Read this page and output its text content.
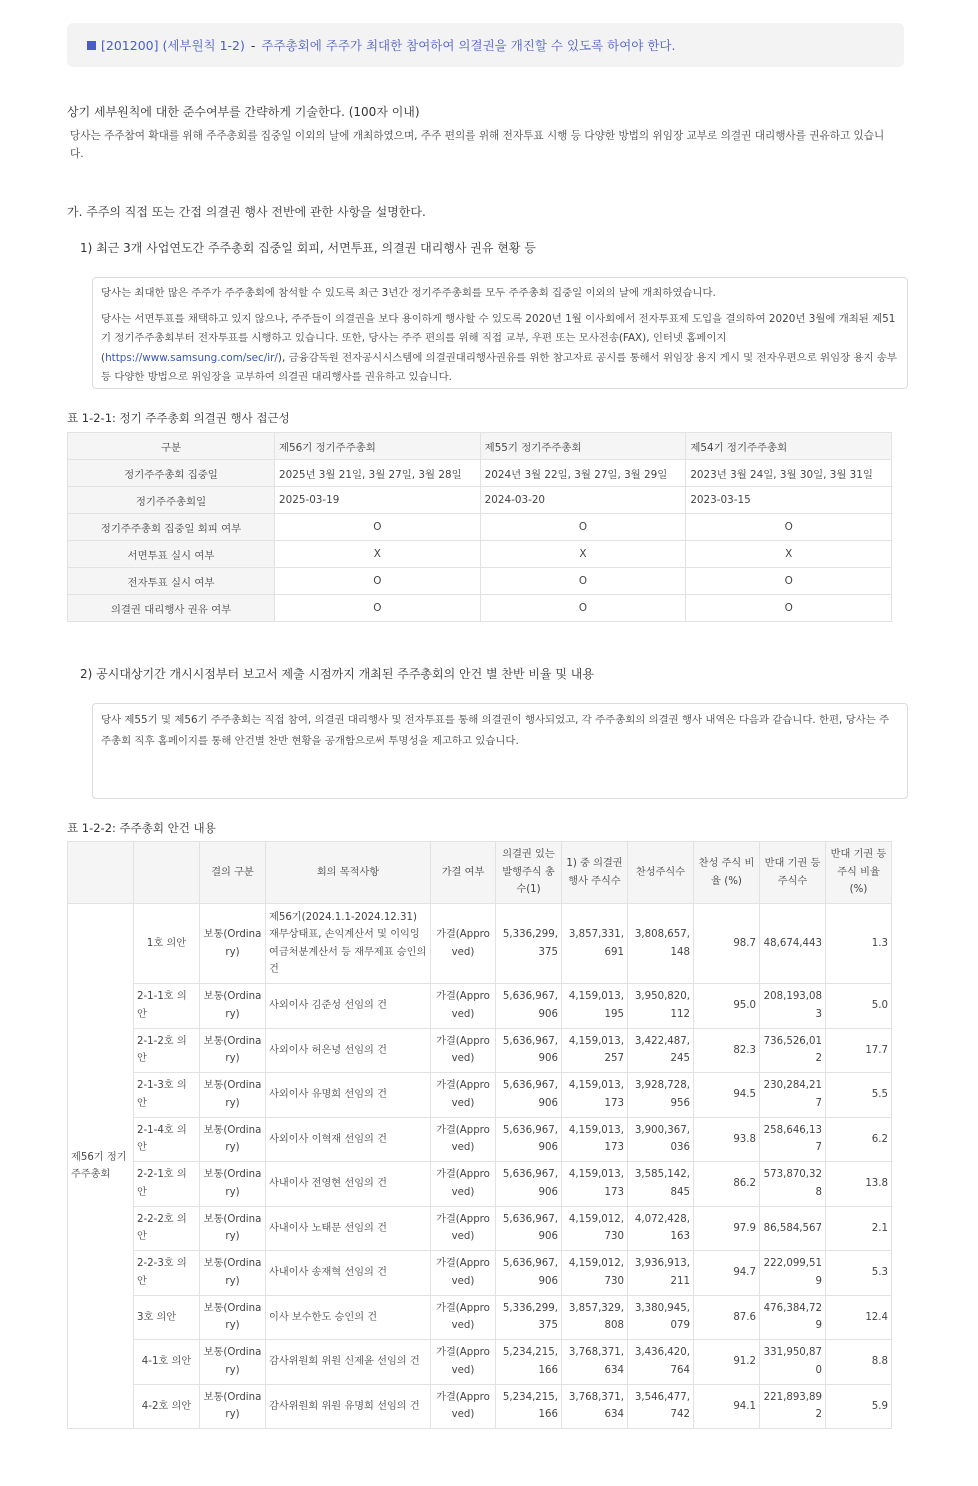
[201200] (세부원칙 1-2) - 주주총회에 주주가 최대한 참여하여 의결권을 개진할 수 있도록 하여야 한다.
상기 세부원칙에 대한 준수여부를 간략하게 기술한다. (100자 이내)
당사는 주주참여 확대를 위해 주주총회를 집중일 이외의 날에 개최하였으며, 주주 편의를 위해 전자투표 시행 등 다양한 방법의 위임장 교부로 의결권 대리행사를 권유하고 있습니다.
가. 주주의 직접 또는 간접 의결권 행사 전반에 관한 사항을 설명한다.
1) 최근 3개 사업연도간 주주총회 집중일 회피, 서면투표, 의결권 대리행사 권유 현황 등

당사는 최대한 많은 주주가 주주총회에 참석할 수 있도록 최근 3년간 정기주주총회를 모두 주주총회 집중일 이외의 날에 개최하였습니다.

당사는 서면투표를 채택하고 있지 않으나, 주주들이 의결권을 보다 용이하게 행사할 수 있도록 2020년 1월 이사회에서 전자투표제 도입을 결의하여 2020년 3월에 개최된 제51기 정기주주총회부터 전자투표를 시행하고 있습니다. 또한, 당사는 주주 편의를 위해 직접 교부, 우편 또는 모사전송(FAX), 인터넷 홈페이지(https://www.samsung.com/sec/ir/), 금융감독원 전자공시시스템에 의결권대리행사권유를 위한 참고자료 공시를 통해서 위임장 용지 게시 및 전자우편으로 위임장 용지 송부 등 다양한 방법으로 위임장을 교부하여 의결권 대리행사를 권유하고 있습니다.

표 1-2-1: 정기 주주총회 의결권 행사 접근성
구분	제56기 정기주주총회	제55기 정기주주총회	제54기 정기주주총회
정기주주총회 집중일	2025년 3월 21일, 3월 27일, 3월 28일	2024년 3월 22일, 3월 27일, 3월 29일	2023년 3월 24일, 3월 30일, 3월 31일
정기주주총회일	2025-03-19	2024-03-20	2023-03-15
정기주주총회 집중일 회피 여부	O	O	O
서면투표 실시 여부	X	X	X
전자투표 실시 여부	O	O	O
의결권 대리행사 권유 여부	O	O	O
2) 공시대상기간 개시시점부터 보고서 제출 시점까지 개최된 주주총회의 안건 별 찬반 비율 및 내용

당사 제55기 및 제56기 주주총회는 직접 참여, 의결권 대리행사 및 전자투표를 통해 의결권이 행사되었고, 각 주주총회의 의결권 행사 내역은 다음과 같습니다. 한편, 당사는 주주총회 직후 홈페이지를 통해 안건별 찬반 현황을 공개함으로써 투명성을 제고하고 있습니다.

표 1-2-2: 주주총회 안건 내용
		결의 구분	회의 목적사항	가결 여부	의결권 있는 발행주식 총수(1)	1) 중 의결권 행사 주식수	찬성주식수	찬성 주식 비율 (%)	반대 기권 등 주식수	반대 기권 등 주식 비율(%)
제56기 정기주주총회	1호 의안	보통(Ordinary)	제56기(2024.1.1-2024.12.31) 재무상태표, 손익계산서 및 이익잉여금처분계산서 등 재무제표 승인의 건	가결(Approved)	5,336,299,375	3,857,331,691	3,808,657,148	98.7	48,674,443	1.3
	2-1-1호 의안	보통(Ordinary)	사외이사 김준성 선임의 건	가결(Approved)	5,636,967,906	4,159,013,195	3,950,820,112	95.0	208,193,083	5.0
	2-1-2호 의안	보통(Ordinary)	사외이사 허은녕 선임의 건	가결(Approved)	5,636,967,906	4,159,013,257	3,422,487,245	82.3	736,526,012	17.7
	2-1-3호 의안	보통(Ordinary)	사외이사 유명희 선임의 건	가결(Approved)	5,636,967,906	4,159,013,173	3,928,728,956	94.5	230,284,217	5.5
	2-1-4호 의안	보통(Ordinary)	사외이사 이혁재 선임의 건	가결(Approved)	5,636,967,906	4,159,013,173	3,900,367,036	93.8	258,646,137	6.2
	2-2-1호 의안	보통(Ordinary)	사내이사 전영현 선임의 건	가결(Approved)	5,636,967,906	4,159,013,173	3,585,142,845	86.2	573,870,328	13.8
	2-2-2호 의안	보통(Ordinary)	사내이사 노태문 선임의 건	가결(Approved)	5,636,967,906	4,159,012,730	4,072,428,163	97.9	86,584,567	2.1
	2-2-3호 의안	보통(Ordinary)	사내이사 송재혁 선임의 건	가결(Approved)	5,636,967,906	4,159,012,730	3,936,913,211	94.7	222,099,519	5.3
	3호 의안	보통(Ordinary)	이사 보수한도 승인의 건	가결(Approved)	5,336,299,375	3,857,329,808	3,380,945,079	87.6	476,384,729	12.4
	4-1호 의안	보통(Ordinary)	감사위원회 위원 신제윤 선임의 건	가결(Approved)	5,234,215,166	3,768,371,634	3,436,420,764	91.2	331,950,870	8.8
	4-2호 의안	보통(Ordinary)	감사위원회 위원 유명희 선임의 건	가결(Approved)	5,234,215,166	3,768,371,634	3,546,477,742	94.1	221,893,892	5.9
